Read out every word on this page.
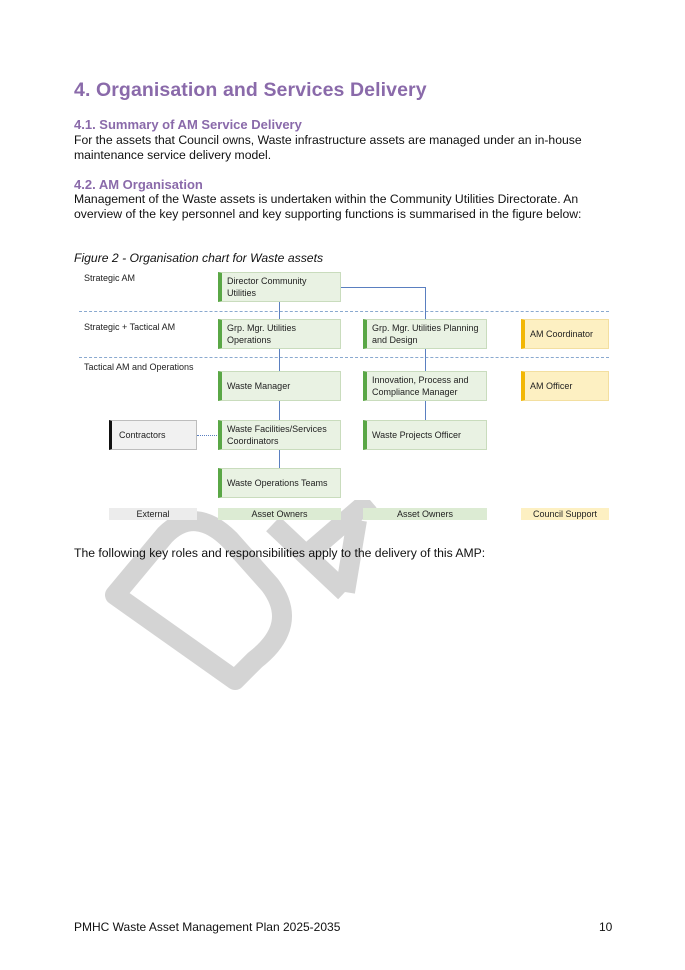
4. Organisation and Services Delivery
4.1. Summary of AM Service Delivery
For the assets that Council owns, Waste infrastructure assets are managed under an in-house maintenance service delivery model.
4.2. AM Organisation
Management of the Waste assets is undertaken within the Community Utilities Directorate. An overview of the key personnel and key supporting functions is summarised in the figure below:
Figure 2 - Organisation chart for Waste assets
Strategic AM
Strategic + Tactical AM
Tactical AM and Operations
Director Community Utilities
Grp. Mgr. Utilities Operations
Grp. Mgr. Utilities Planning and Design
AM Coordinator
Waste Manager
Innovation, Process and Compliance Manager
AM Officer
Contractors
Waste Facilities/Services Coordinators
Waste Projects Officer
Waste Operations Teams
External	Asset Owners	Asset Owners	Council Support
The following key roles and responsibilities apply to the delivery of this AMP:
PMHC Waste Asset Management Plan 2025-2035	10
